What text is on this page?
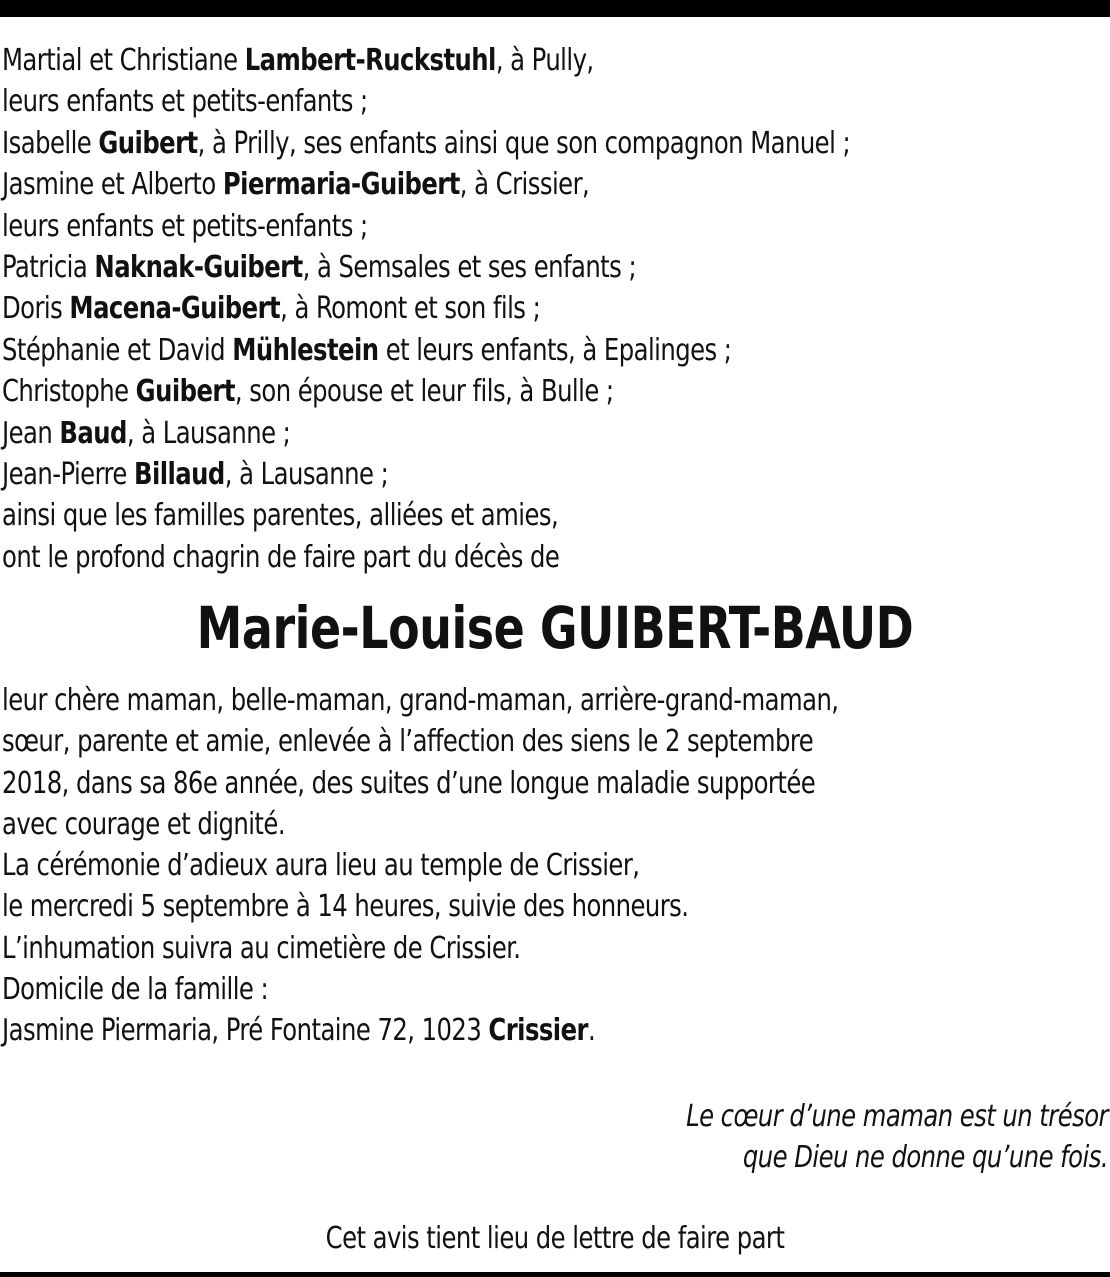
Martial et Christiane Lambert-Ruckstuhl, à Pully,
leurs enfants et petits-enfants ;
Isabelle Guibert, à Prilly, ses enfants ainsi que son compagnon Manuel ;
Jasmine et Alberto Piermaria-Guibert, à Crissier,
leurs enfants et petits-enfants ;
Patricia Naknak-Guibert, à Semsales et ses enfants ;
Doris Macena-Guibert, à Romont et son fils ;
Stéphanie et David Mühlestein et leurs enfants, à Epalinges ;
Christophe Guibert, son épouse et leur fils, à Bulle ;
Jean Baud, à Lausanne ;
Jean-Pierre Billaud, à Lausanne ;
ainsi que les familles parentes, alliées et amies,
ont le profond chagrin de faire part du décès de
Marie-Louise GUIBERT-BAUD
leur chère maman, belle-maman, grand-maman, arrière-grand-maman,
sœur, parente et amie, enlevée à l’affection des siens le 2 septembre
2018, dans sa 86e année, des suites d’une longue maladie supportée
avec courage et dignité.
La cérémonie d’adieux aura lieu au temple de Crissier,
le mercredi 5 septembre à 14 heures, suivie des honneurs.
L’inhumation suivra au cimetière de Crissier.
Domicile de la famille :
Jasmine Piermaria, Pré Fontaine 72, 1023 Crissier.
Le cœur d’une maman est un trésor
que Dieu ne donne qu’une fois.
Cet avis tient lieu de lettre de faire part
